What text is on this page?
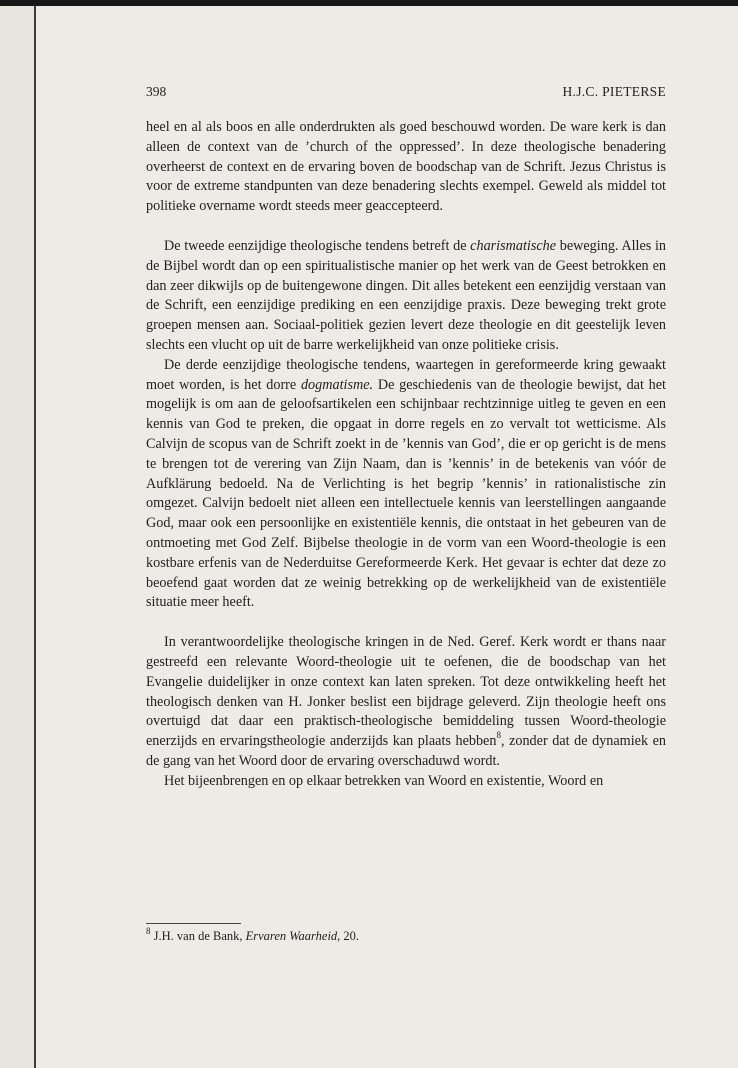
398	H.J.C. PIETERSE

heel en al als boos en alle onderdrukten als goed beschouwd worden. De ware kerk is dan alleen de context van de ’church of the oppressed’. In deze theologische benadering overheerst de context en de ervaring boven de boodschap van de Schrift. Jezus Christus is voor de extreme standpunten van deze benadering slechts exempel. Geweld als middel tot politieke overname wordt steeds meer geaccepteerd.

De tweede eenzijdige theologische tendens betreft de charismatische beweging. Alles in de Bijbel wordt dan op een spiritualistische manier op het werk van de Geest betrokken en dan zeer dikwijls op de buitengewone dingen. Dit alles betekent een eenzijdig verstaan van de Schrift, een eenzijdige prediking en een eenzijdige praxis. Deze beweging trekt grote groepen mensen aan. Sociaal-politiek gezien levert deze theologie en dit geestelijk leven slechts een vlucht op uit de barre werkelijkheid van onze politieke crisis.

De derde eenzijdige theologische tendens, waartegen in gereformeerde kring gewaakt moet worden, is het dorre dogmatisme. De geschiedenis van de theologie bewijst, dat het mogelijk is om aan de geloofsartikelen een schijnbaar rechtzinnige uitleg te geven en een kennis van God te preken, die opgaat in dorre regels en zo vervalt tot wetticisme. Als Calvijn de scopus van de Schrift zoekt in de ’kennis van God’, die er op gericht is de mens te brengen tot de verering van Zijn Naam, dan is ’kennis’ in de betekenis van vóór de Aufklärung bedoeld. Na de Verlichting is het begrip ’kennis’ in rationalistische zin omgezet. Calvijn bedoelt niet alleen een intellectuele kennis van leerstellingen aangaande God, maar ook een persoonlijke en existentiële kennis, die ontstaat in het gebeuren van de ontmoeting met God Zelf. Bijbelse theologie in de vorm van een Woord-theologie is een kostbare erfenis van de Nederduitse Gereformeerde Kerk. Het gevaar is echter dat deze zo beoefend gaat worden dat ze weinig betrekking op de werkelijkheid van de existentiële situatie meer heeft.

In verantwoordelijke theologische kringen in de Ned. Geref. Kerk wordt er thans naar gestreefd een relevante Woord-theologie uit te oefenen, die de boodschap van het Evangelie duidelijker in onze context kan laten spreken. Tot deze ontwikkeling heeft het theologisch denken van H. Jonker beslist een bijdrage geleverd. Zijn theologie heeft ons overtuigd dat daar een praktisch-theologische bemiddeling tussen Woord-theologie enerzijds en ervaringstheologie anderzijds kan plaats hebben$^8$, zonder dat de dynamiek en de gang van het Woord door de ervaring overschaduwd wordt.

Het bijeenbrengen en op elkaar betrekken van Woord en existentie, Woord en

$^8$ J.H. van de Bank, Ervaren Waarheid, 20.
